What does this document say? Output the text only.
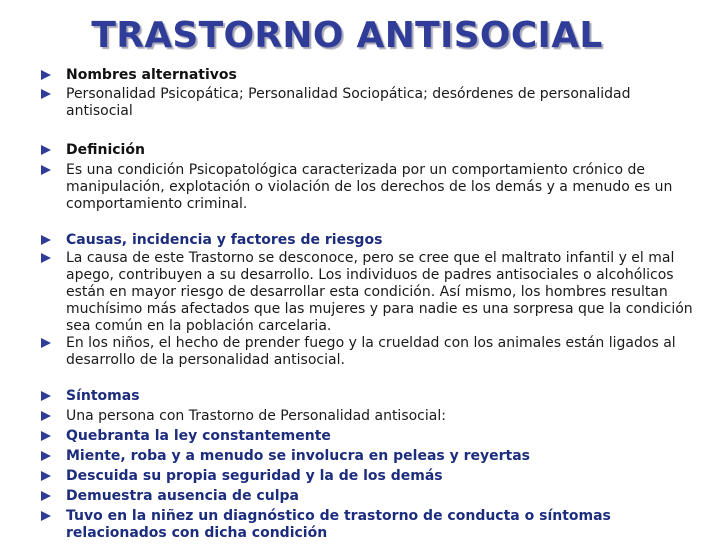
TRASTORNO ANTISOCIAL
Nombres alternativos
Personalidad Psicopática; Personalidad Sociopática; desórdenes de personalidad
antisocial
Definición
Es una condición Psicopatológica caracterizada por un comportamiento crónico de
manipulación, explotación o violación de los derechos de los demás y a menudo es un
comportamiento criminal.
Causas, incidencia y factores de riesgos
La causa de este Trastorno se desconoce, pero se cree que el maltrato infantil y el mal
apego, contribuyen a su desarrollo. Los individuos de padres antisociales o alcohólicos
están en mayor riesgo de desarrollar esta condición. Así mismo, los hombres resultan
muchísimo más afectados que las mujeres y para nadie es una sorpresa que la condición
sea común en la población carcelaria.
En los niños, el hecho de prender fuego y la crueldad con los animales están ligados al
desarrollo de la personalidad antisocial.
Síntomas
Una persona con Trastorno de Personalidad antisocial:
Quebranta la ley constantemente
Miente, roba y a menudo se involucra en peleas y reyertas
Descuida su propia seguridad y la de los demás
Demuestra ausencia de culpa
Tuvo en la niñez un diagnóstico de trastorno de conducta o síntomas
relacionados con dicha condición
